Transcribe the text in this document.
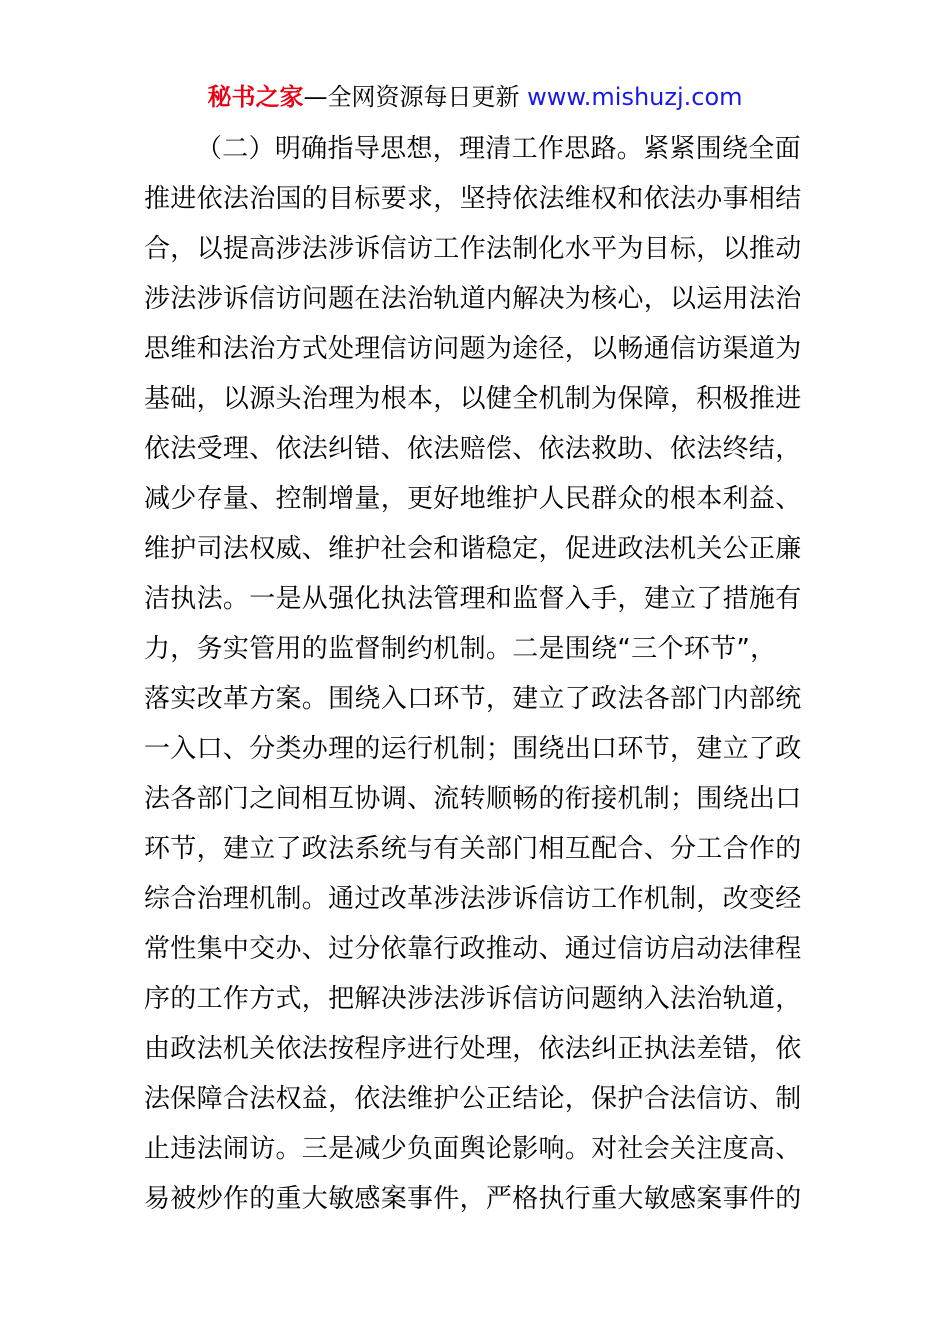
秘书之家—全网资源每日更新 www.mishuzj.com
（二）明确指导思想，理清工作思路。紧紧围绕全面
推进依法治国的目标要求，坚持依法维权和依法办事相结
合，以提高涉法涉诉信访工作法制化水平为目标，以推动
涉法涉诉信访问题在法治轨道内解决为核心，以运用法治
思维和法治方式处理信访问题为途径，以畅通信访渠道为
基础，以源头治理为根本，以健全机制为保障，积极推进
依法受理、依法纠错、依法赔偿、依法救助、依法终结，
减少存量、控制增量，更好地维护人民群众的根本利益、
维护司法权威、维护社会和谐稳定，促进政法机关公正廉
洁执法。一是从强化执法管理和监督入手，建立了措施有
力，务实管用的监督制约机制。二是围绕“三个环节”，
落实改革方案。围绕入口环节，建立了政法各部门内部统
一入口、分类办理的运行机制；围绕出口环节，建立了政
法各部门之间相互协调、流转顺畅的衔接机制；围绕出口
环节，建立了政法系统与有关部门相互配合、分工合作的
综合治理机制。通过改革涉法涉诉信访工作机制，改变经
常性集中交办、过分依靠行政推动、通过信访启动法律程
序的工作方式，把解决涉法涉诉信访问题纳入法治轨道，
由政法机关依法按程序进行处理，依法纠正执法差错，依
法保障合法权益，依法维护公正结论，保护合法信访、制
止违法闹访。三是减少负面舆论影响。对社会关注度高、
易被炒作的重大敏感案事件，严格执行重大敏感案事件的
